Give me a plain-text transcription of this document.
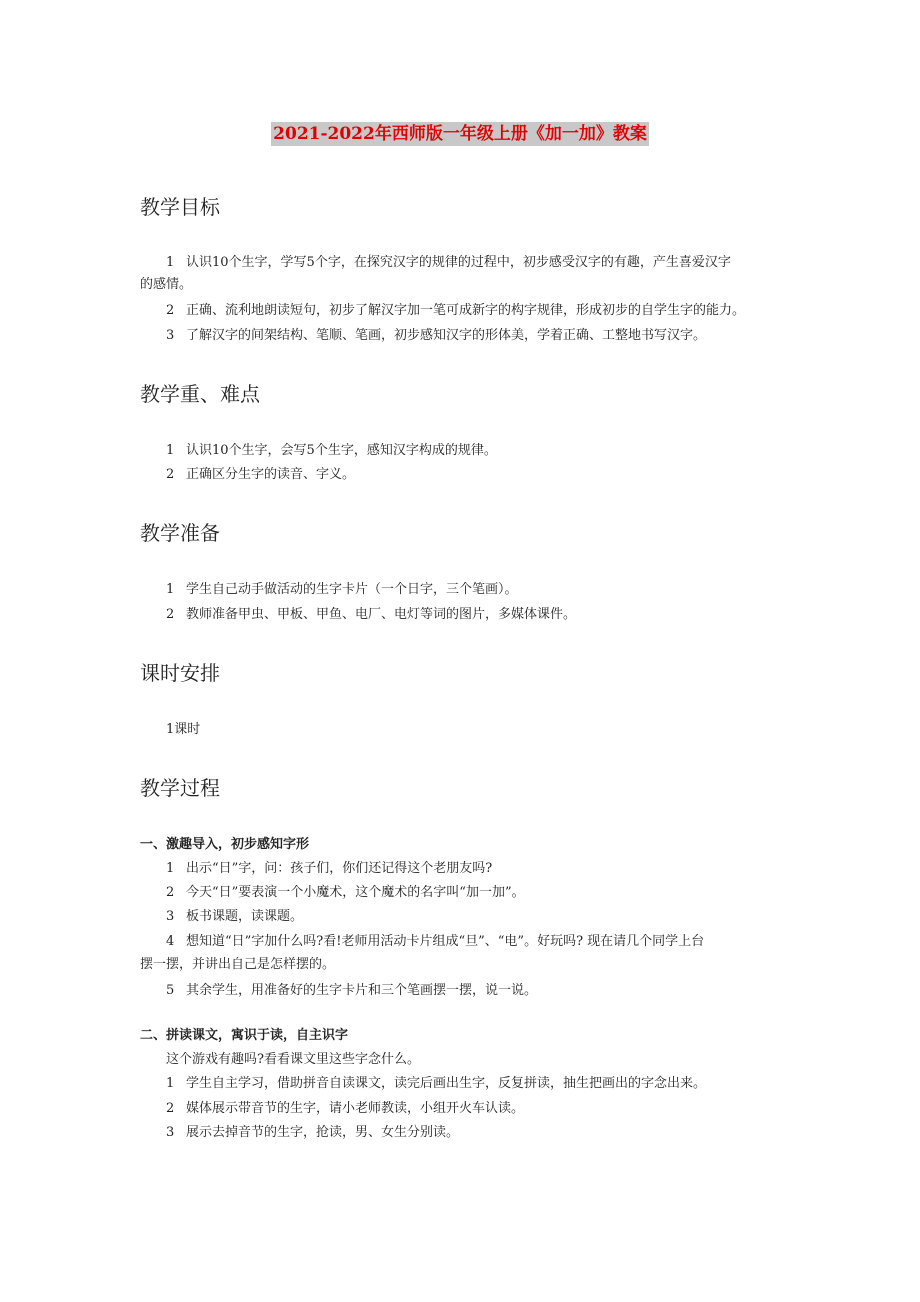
2021-2022年西师版一年级上册《加一加》教案
教学目标
1 认识10个生字，学写5个字，在探究汉字的规律的过程中，初步感受汉字的有趣，产生喜爱汉字
的感情。
2 正确、流利地朗读短句，初步了解汉字加一笔可成新字的构字规律，形成初步的自学生字的能力。
3 了解汉字的间架结构、笔顺、笔画，初步感知汉字的形体美，学着正确、工整地书写汉字。
教学重、难点
1 认识10个生字，会写5个生字，感知汉字构成的规律。
2 正确区分生字的读音、字义。
教学准备
1 学生自己动手做活动的生字卡片（一个日字，三个笔画）。
2 教师准备甲虫、甲板、甲鱼、电厂、电灯等词的图片，多媒体课件。
课时安排
1课时
教学过程
一、激趣导入，初步感知字形
1 出示“日”字，问：孩子们，你们还记得这个老朋友吗?
2 今天“日”要表演一个小魔术，这个魔术的名字叫“加一加”。
3 板书课题，读课题。
4 想知道“日”字加什么吗?看!老师用活动卡片组成“旦”、“电”。好玩吗? 现在请几个同学上台
摆一摆，并讲出自己是怎样摆的。
5 其余学生，用准备好的生字卡片和三个笔画摆一摆，说一说。
二、拼读课文，寓识于读，自主识字
这个游戏有趣吗?看看课文里这些字念什么。
1 学生自主学习，借助拼音自读课文，读完后画出生字，反复拼读，抽生把画出的字念出来。
2 媒体展示带音节的生字，请小老师教读，小组开火车认读。
3 展示去掉音节的生字，抢读，男、女生分别读。
